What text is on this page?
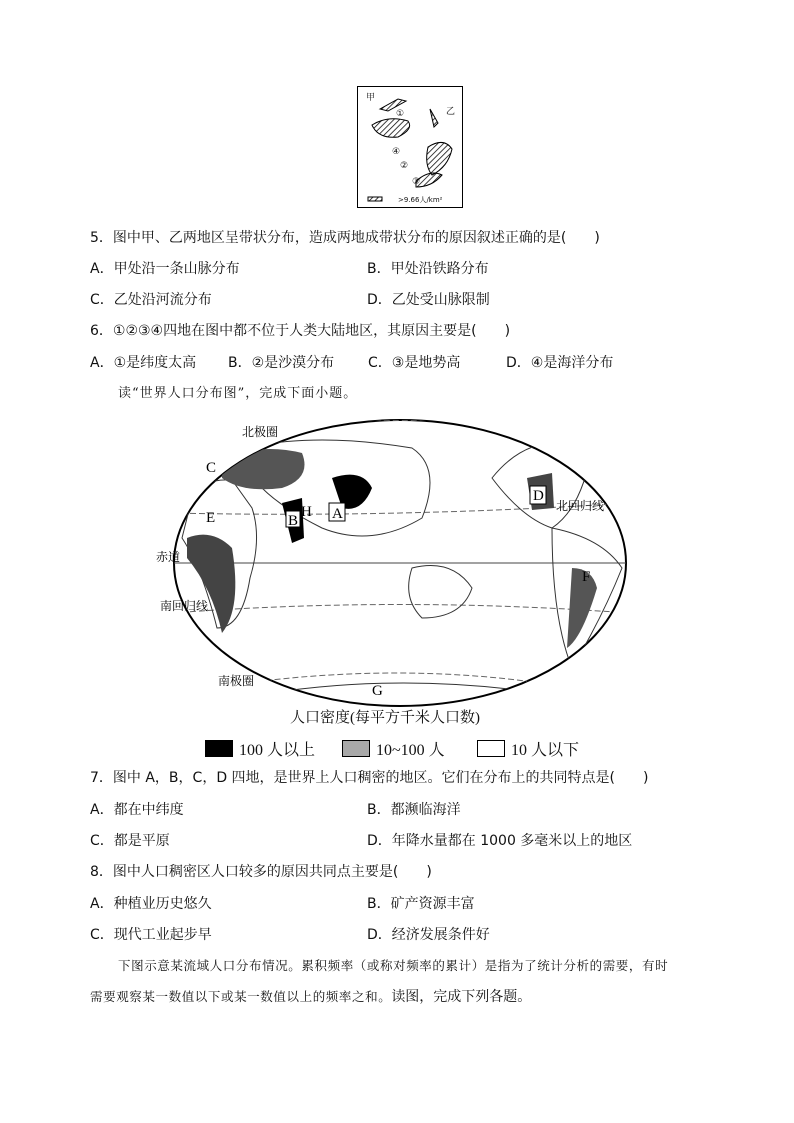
甲
乙
①
②
③
④
>9.66人/km²
5．图中甲、乙两地区呈带状分布，造成两地成带状分布的原因叙述正确的是(　　)
A．甲处沿一条山脉分布	B．甲处沿铁路分布
C．乙处沿河流分布	D．乙处受山脉限制
6．①②③④四地在图中都不位于人类大陆地区，其原因主要是(　　)
A．①是纬度太高 B．②是沙漠分布 C．③是地势高	D．④是海洋分布
读“世界人口分布图”，完成下面小题。
北极圈
北回归线
赤道
南回归线
南极圈
C
E	B
H A
D
F
G
人口密度(每平方千米人口数)
100 人以上	10~100 人	10 人以下
7．图中 A，B，C，D 四地，是世界上人口稠密的地区。它们在分布上的共同特点是(　　)
A．都在中纬度	B．都濒临海洋
C．都是平原	D．年降水量都在 1000 多毫米以上的地区
8．图中人口稠密区人口较多的原因共同点主要是(　　)
A．种植业历史悠久	B．矿产资源丰富
C．现代工业起步早	D．经济发展条件好
下图示意某流域人口分布情况。累积频率（或称对频率的累计）是指为了统计分析的需要，有时
需要观察某一数值以下或某一数值以上的频率之和。读图，完成下列各题。
